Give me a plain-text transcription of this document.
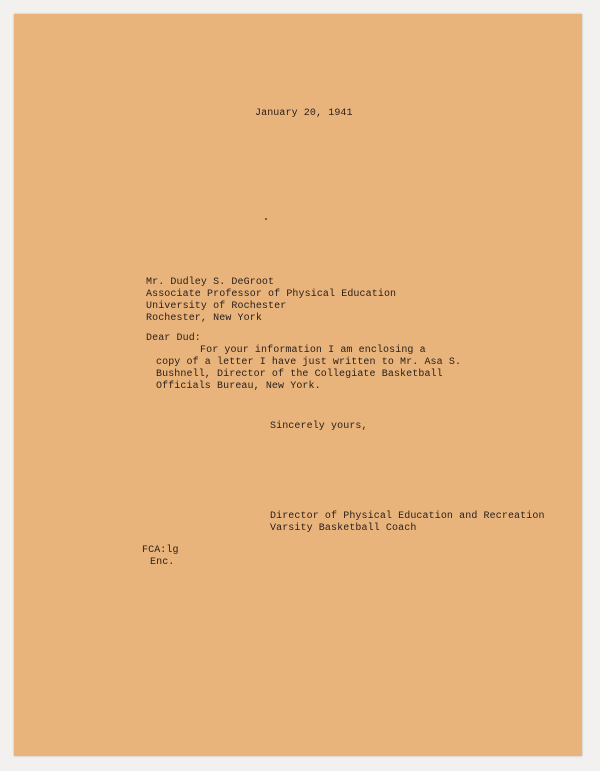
January 20, 1941
Mr. Dudley S. DeGroot
Associate Professor of Physical Education
University of Rochester
Rochester, New York
Dear Dud:
For your information I am enclosing a
copy of a letter I have just written to Mr. Asa S.
Bushnell, Director of the Collegiate Basketball
Officials Bureau, New York.
Sincerely yours,
Director of Physical Education and Recreation
Varsity Basketball Coach
FCA:lg
Enc.
